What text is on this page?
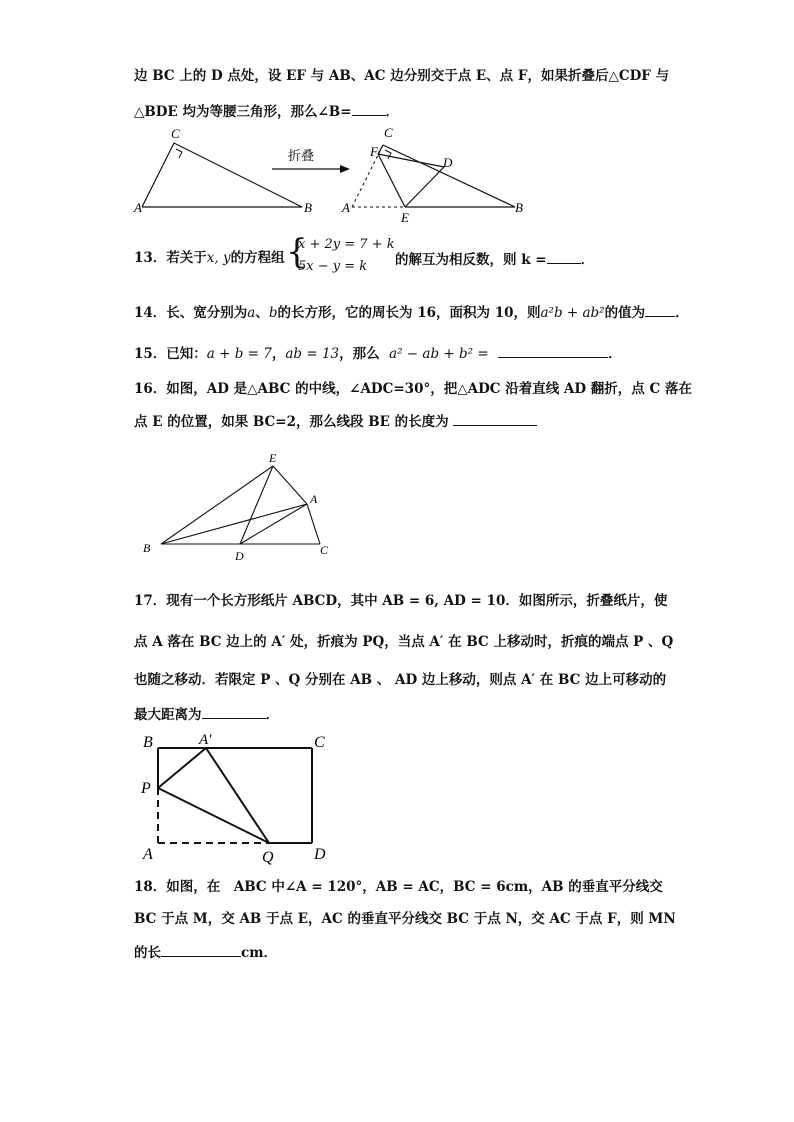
边 BC 上的 D 点处，设 EF 与 AB、AC 边分别交于点 E、点 F，如果折叠后△CDF 与
△BDE 均为等腰三角形，那么∠B=	．
A
C
B
折叠
A
C
F
D
E
B
13．若关于x, y的方程组 {
x + 2y = 7 + k
5x − y = k 的解互为相反数，则 k =	．
14．长、宽分别为a、b的长方形，它的周长为 16，面积为 10，则a²b + ab²的值为 ．
15．已知：a + b = 7，ab = 13，那么 a² − ab + b² =	．
16．如图，AD 是△ABC 的中线，∠ADC=30°，把△ADC 沿着直线 AD 翻折，点 C 落在
点 E 的位置，如果 BC=2，那么线段 BE 的长度为
E
A
B
D	C
17．现有一个长方形纸片 ABCD，其中 AB = 6, AD = 10．如图所示，折叠纸片，使
点 A 落在 BC 边上的 A′ 处，折痕为 PQ，当点 A′ 在 BC 上移动时，折痕的端点 P 、Q
也随之移动．若限定 P 、Q 分别在 AB 、 AD 边上移动，则点 A′ 在 BC 边上可移动的
最大距离为	．
B	A′	C
P
A	Q	D
18．如图，在　ABC 中∠A = 120°，AB = AC，BC = 6cm，AB 的垂直平分线交
BC 于点 M，交 AB 于点 E，AC 的垂直平分线交 BC 于点 N，交 AC 于点 F，则 MN
的长	cm．
